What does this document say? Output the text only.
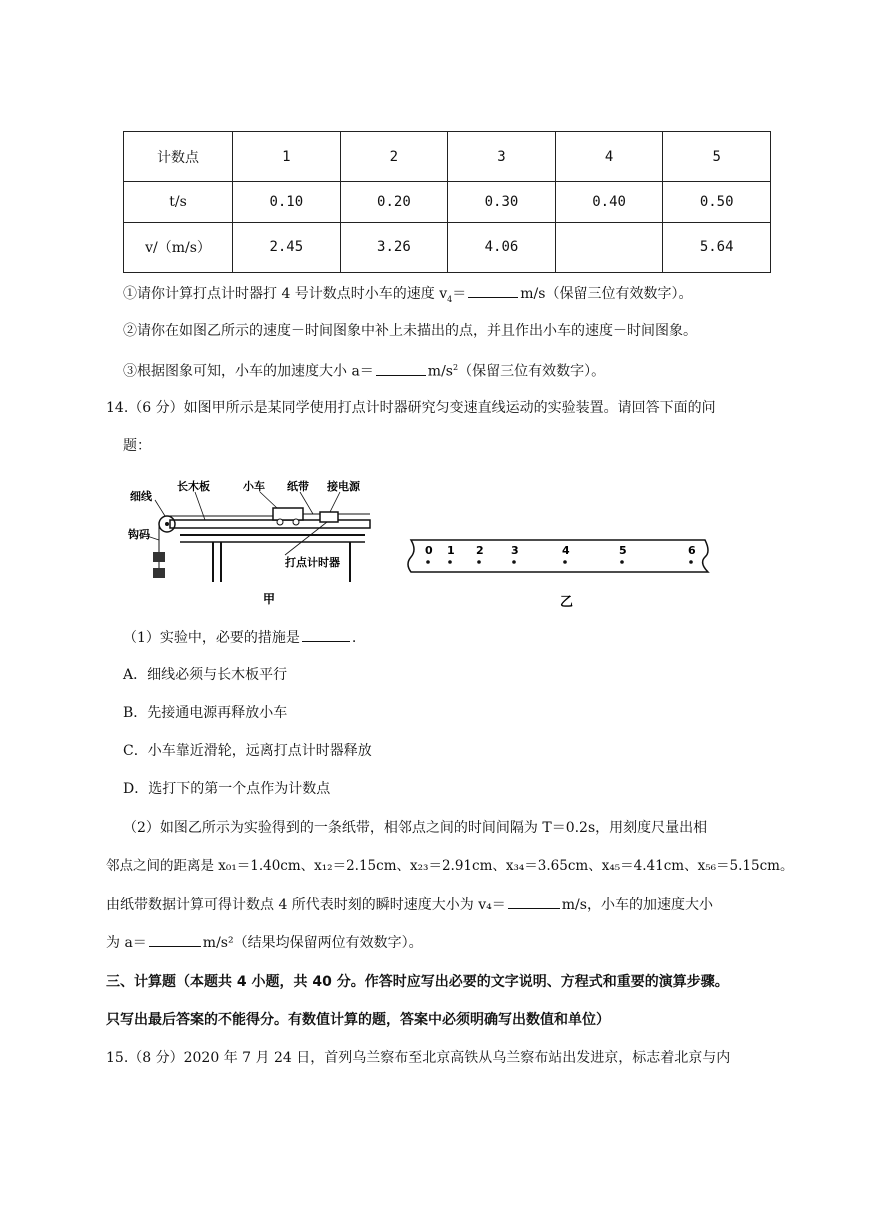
计数点	1	2	3	4	5
t/s	0.10	0.20	0.30	0.40	0.50
v/（m/s）	2.45	3.26	4.06		5.64
①请你计算打点计时器打 4 号计数点时小车的速度 $v_4=$	m/s（保留三位有效数字）。
②请你在如图乙所示的速度－时间图象中补上未描出的点，并且作出小车的速度－时间图象。
③根据图象可知，小车的加速度大小 a＝	$m/s^2$（保留三位有效数字）。
14.（6 分）如图甲所示是某同学使用打点计时器研究匀变速直线运动的实验装置。请回答下面的问
题：
细线
长木板	小车 纸带 接电源
钩码
打点计时器
甲
0 1 2 3	4	5	6
乙
（1）实验中，必要的措施是	.
A．细线必须与长木板平行
B．先接通电源再释放小车
C．小车靠近滑轮，远离打点计时器释放
D．选打下的第一个点作为计数点
（2）如图乙所示为实验得到的一条纸带，相邻点之间的时间间隔为 T＝0.2s，用刻度尺量出相
邻点之间的距离是 x₀₁＝1.40cm、x₁₂＝2.15cm、x₂₃＝2.91cm、x₃₄＝3.65cm、x₄₅＝4.41cm、x₅₆＝5.15cm。
由纸带数据计算可得计数点 4 所代表时刻的瞬时速度大小为 v₄＝	m/s，小车的加速度大小
为 a＝	m/s²（结果均保留两位有效数字）。
三、计算题（本题共 4 小题，共 40 分。作答时应写出必要的文字说明、方程式和重要的演算步骤。
只写出最后答案的不能得分。有数值计算的题，答案中必须明确写出数值和单位）
15.（8 分）2020 年 7 月 24 日，首列乌兰察布至北京高铁从乌兰察布站出发进京，标志着北京与内
